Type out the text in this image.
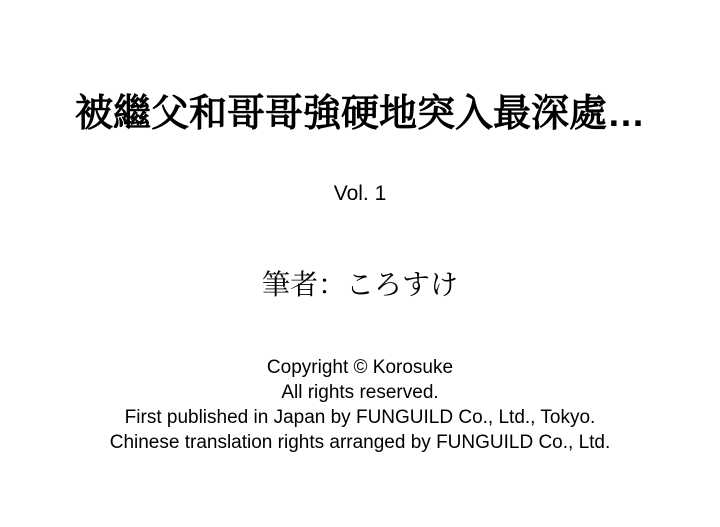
被繼父和哥哥強硬地突入最深處…
Vol. 1
筆者：ころすけ
Copyright © Korosuke
All rights reserved.
First published in Japan by FUNGUILD Co., Ltd., Tokyo.
Chinese translation rights arranged by FUNGUILD Co., Ltd.
